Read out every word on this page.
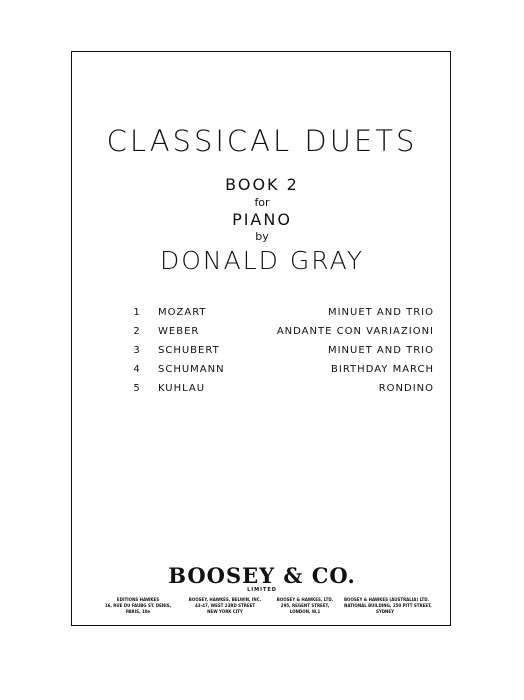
CLASSICAL DUETS
BOOK 2
for
PIANO
by
DONALD GRAY
1	MOZART	MINUET AND TRIO
2	WEBER	ANDANTE CON VARIAZIONI
3	SCHUBERT	MINUET AND TRIO
4	SCHUMANN	BIRTHDAY MARCH
5	KUHLAU	RONDINO
BOOSEY & CO.
LIMITED
EDITIONS HAWKES
16, RUE DU FAUBG ST. DENIS,
PARIS, 10e
BOOSEY, HAWKES, BELWIN, INC.
43-47, WEST 23RD STREET
NEW YORK CITY
BOOSEY & HAWKES, LTD.
295, REGENT STREET,
LONDON, W.1
BOOSEY & HAWKES (AUSTRALIA) LTD.
NATIONAL BUILDING, 250 PITT STREET,
SYDNEY
